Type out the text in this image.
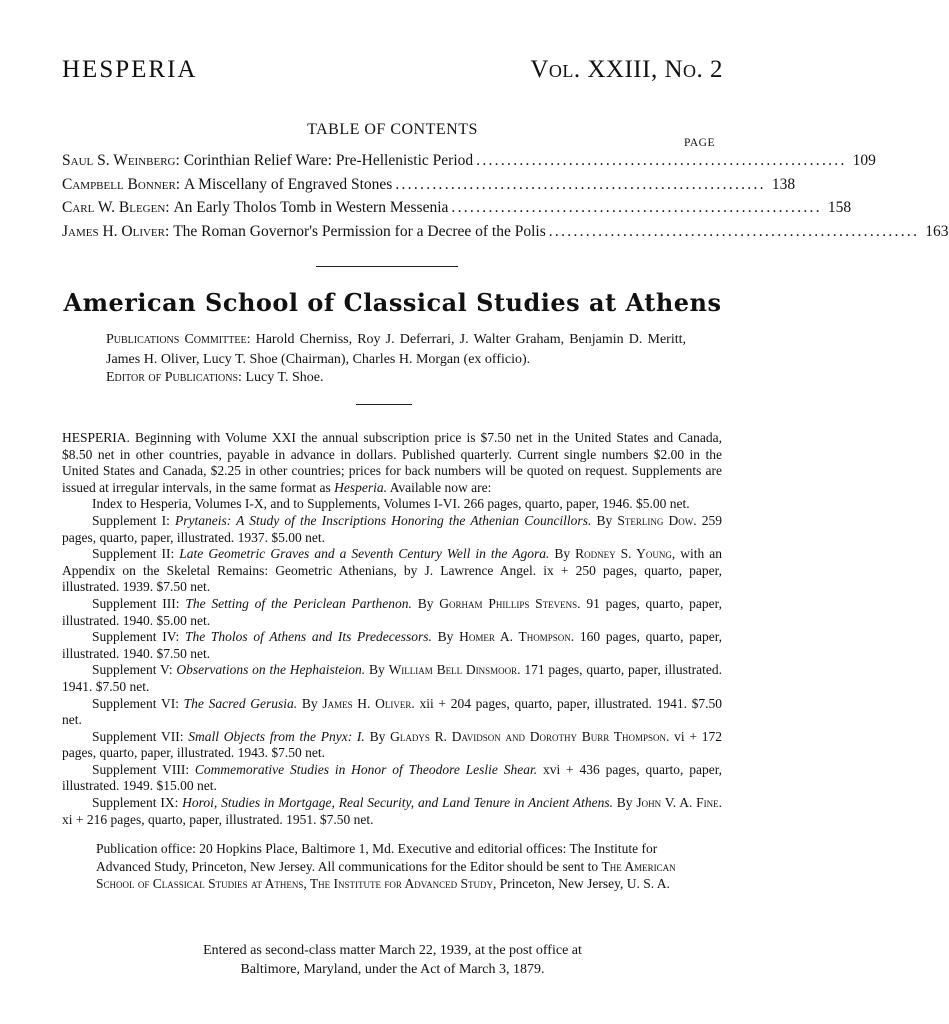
HESPERIA	Vol. XXIII, No. 2
TABLE OF CONTENTS
PAGE
Saul S. Weinberg : Corinthian Relief Ware: Pre-Hellenistic Period ............................................................ 109
Campbell Bonner : A Miscellany of Engraved Stones ............................................................ 138
Carl W. Blegen : An Early Tholos Tomb in Western Messenia ............................................................ 158
James H. Oliver : The Roman Governor's Permission for a Decree of the Polis ............................................................ 163
American School of Classical Studies at Athens
Publications Committee: Harold Cherniss, Roy J. Deferrari, J. Walter Graham, Benjamin D. Meritt, James H. Oliver, Lucy T. Shoe (Chairman), Charles H. Morgan (ex officio).
Editor of Publications: Lucy T. Shoe.

HESPERIA. Beginning with Volume XXI the annual subscription price is $7.50 net in the United States and Canada, $8.50 net in other countries, payable in advance in dollars. Published quarterly. Current single numbers $2.00 in the United States and Canada, $2.25 in other countries; prices for back numbers will be quoted on request. Supplements are issued at irregular intervals, in the same format as Hesperia. Available now are:

Index to Hesperia, Volumes I-X, and to Supplements, Volumes I-VI. 266 pages, quarto, paper, 1946. $5.00 net.

Supplement I: Prytaneis: A Study of the Inscriptions Honoring the Athenian Councillors. By Sterling Dow. 259 pages, quarto, paper, illustrated. 1937. $5.00 net.

Supplement II: Late Geometric Graves and a Seventh Century Well in the Agora. By Rodney S. Young, with an Appendix on the Skeletal Remains: Geometric Athenians, by J. Lawrence Angel. ix + 250 pages, quarto, paper, illustrated. 1939. $7.50 net.

Supplement III: The Setting of the Periclean Parthenon. By Gorham Phillips Stevens. 91 pages, quarto, paper, illustrated. 1940. $5.00 net.

Supplement IV: The Tholos of Athens and Its Predecessors. By Homer A. Thompson. 160 pages, quarto, paper, illustrated. 1940. $7.50 net.

Supplement V: Observations on the Hephaisteion. By William Bell Dinsmoor. 171 pages, quarto, paper, illustrated. 1941. $7.50 net.

Supplement VI: The Sacred Gerusia. By James H. Oliver. xii + 204 pages, quarto, paper, illustrated. 1941. $7.50 net.

Supplement VII: Small Objects from the Pnyx: I. By Gladys R. Davidson and Dorothy Burr Thompson. vi + 172 pages, quarto, paper, illustrated. 1943. $7.50 net.

Supplement VIII: Commemorative Studies in Honor of Theodore Leslie Shear. xvi + 436 pages, quarto, paper, illustrated. 1949. $15.00 net.

Supplement IX: Horoi, Studies in Mortgage, Real Security, and Land Tenure in Ancient Athens. By John V. A. Fine. xi + 216 pages, quarto, paper, illustrated. 1951. $7.50 net.

Publication office: 20 Hopkins Place, Baltimore 1, Md. Executive and editorial offices: The Institute for Advanced Study, Princeton, New Jersey. All communications for the Editor should be sent to The American School of Classical Studies at Athens, The Institute for Advanced Study, Princeton, New Jersey, U. S. A.
Entered as second-class matter March 22, 1939, at the post office at
Baltimore, Maryland, under the Act of March 3, 1879.
